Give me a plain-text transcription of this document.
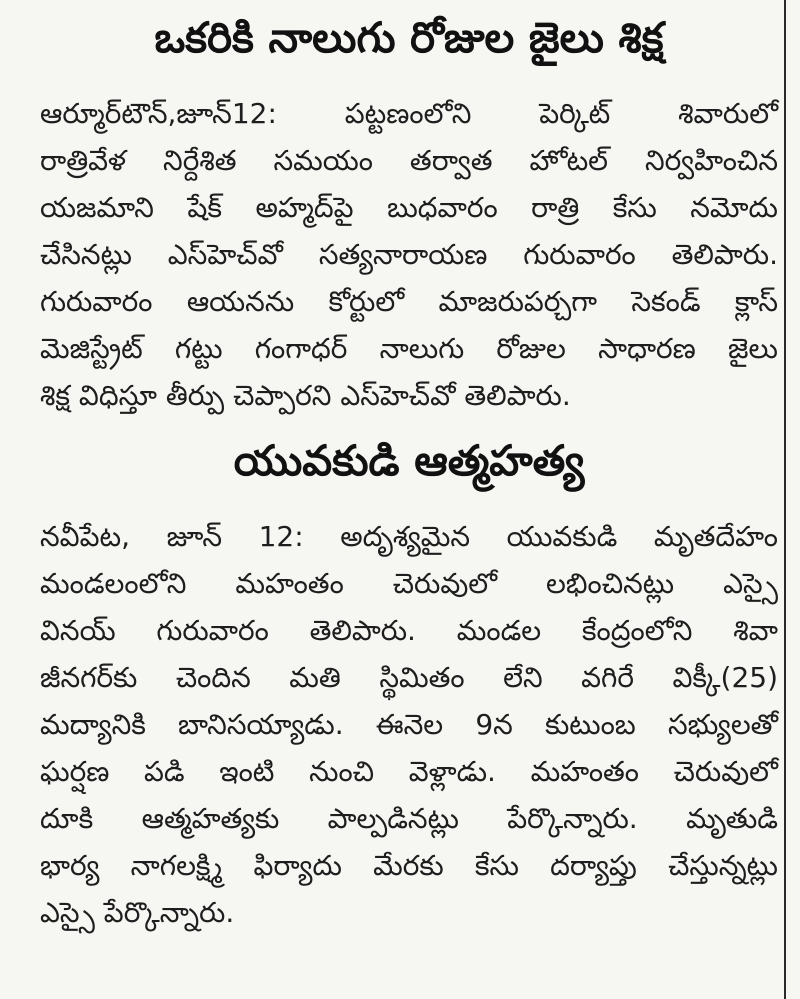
ఒకరికి నాలుగు రోజుల జైలు శిక్ష
ఆర్మూర్‌టౌన్,జూన్12: పట్టణంలోని పెర్కిట్ శివారులో
రాత్రివేళ నిర్దేశిత సమయం తర్వాత హోటల్ నిర్వహించిన
యజమాని షేక్ అహ్మద్‌పై బుధవారం రాత్రి కేసు నమోదు
చేసినట్లు ఎస్‌హెచ్‌వో సత్యనారాయణ గురువారం తెలిపారు.
గురువారం ఆయనను కోర్టులో మాజరుపర్చగా సెకండ్ క్లాస్
మెజిస్ట్రేట్ గట్టు గంగాధర్ నాలుగు రోజుల సాధారణ జైలు
శిక్ష విధిస్తూ తీర్పు చెప్పారని ఎస్‌హెచ్‌వో తెలిపారు.
యువకుడి ఆత్మహత్య
నవీపేట, జూన్ 12: అదృశ్యమైన యువకుడి మృతదేహం
మండలంలోని మహంతం చెరువులో లభించినట్లు ఎస్సై
వినయ్ గురువారం తెలిపారు. మండల కేంద్రంలోని శివా
జీనగర్‌కు చెందిన మతి స్థిమితం లేని వగిరే విక్కీ(25)
మద్యానికి బానిసయ్యాడు. ఈనెల 9న కుటుంబ సభ్యులతో
ఘర్షణ పడి ఇంటి నుంచి వెళ్లాడు. మహంతం చెరువులో
దూకి ఆత్మహత్యకు పాల్పడినట్లు పేర్కొన్నారు. మృతుడి
భార్య నాగలక్ష్మి ఫిర్యాదు మేరకు కేసు దర్యాప్తు చేస్తున్నట్లు
ఎస్సై పేర్కొన్నారు.
